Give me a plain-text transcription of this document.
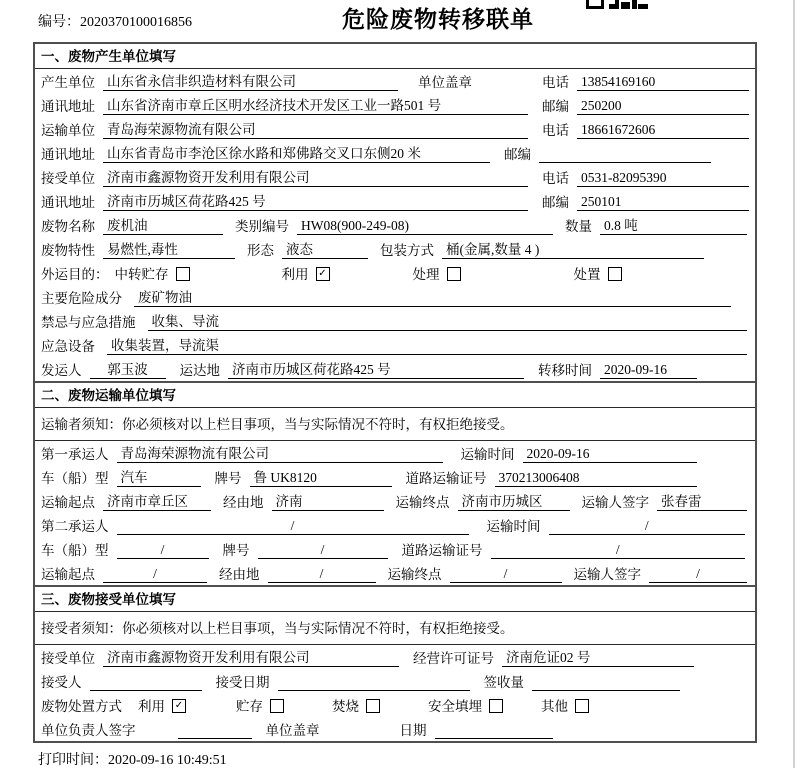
编号：2020370100016856	危险废物转移联单
一、废物产生单位填写
产生单位 山东省永信非织造材料有限公司	单位盖章	电话 13854169160
通讯地址 山东省济南市章丘区明水经济技术开发区工业一路501 号	邮编 250200
运输单位 青岛海荣源物流有限公司	电话 18661672606
通讯地址 山东省青岛市李沧区徐水路和郑佛路交叉口东侧20 米	邮编
接受单位 济南市鑫源物资开发利用有限公司	电话 0531-82095390
通讯地址 济南市历城区荷花路425 号	邮编 250101
废物名称 废机油	类别编号 HW08(900-249-08)	数量 0.8 吨
废物特性 易燃性,毒性	形态 液态	包装方式 桶(金属,数量 4 )
外运目的： 中转贮存	利用 ✓	处理	处置
主要危险成分	废矿物油
禁忌与应急措施	收集、导流
应急设备	收集装置，导流渠
发运人	郭玉波	运达地 济南市历城区荷花路425 号	转移时间 2020-09-16
二、废物运输单位填写
运输者须知：你必须核对以上栏目事项，当与实际情况不符时，有权拒绝接受。
第一承运人 青岛海荣源物流有限公司	运输时间 2020-09-16
车（船）型 汽车	牌号 鲁 UK8120	道路运输证号 370213006408
运输起点 济南市章丘区	经由地 济南	运输终点 济南市历城区	运输人签字 张春雷
第二承运人	/	运输时间	/
车（船）型	/	牌号	/	道路运输证号	/
运输起点	/	经由地	/	运输终点	/	运输人签字	/
三、废物接受单位填写
接受者须知：你必须核对以上栏目事项，当与实际情况不符时，有权拒绝接受。
接受单位 济南市鑫源物资开发利用有限公司	经营许可证号 济南危证02 号
接受人	接受日期	签收量
废物处置方式 利用 ✓	贮存	焚烧	安全填埋	其他
单位负责人签字	单位盖章	日期
打印时间：2020-09-16 10:49:51
